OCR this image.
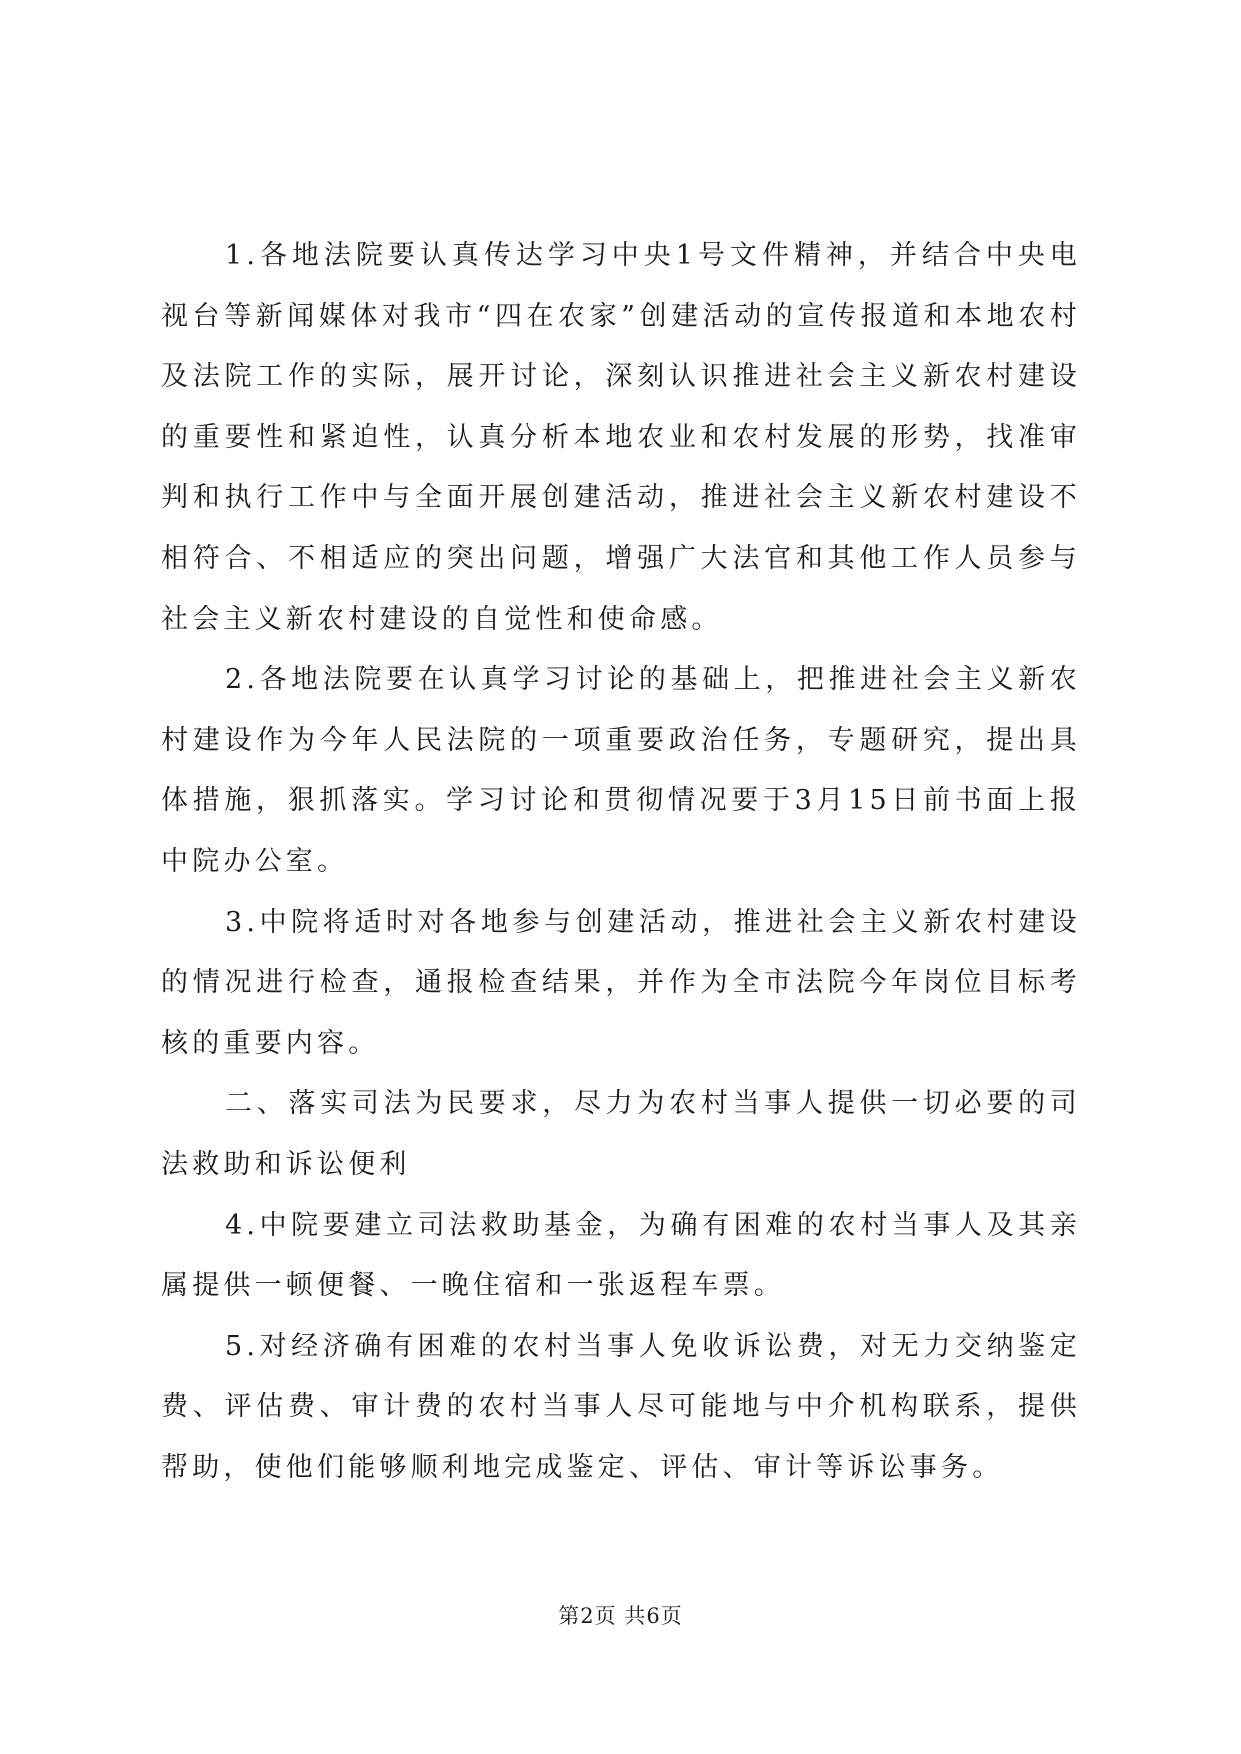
1.各地法院要认真传达学习中央1号文件精神，并结合中央电视台等新闻媒体对我市“四在农家”创建活动的宣传报道和本地农村及法院工作的实际，展开讨论，深刻认识推进社会主义新农村建设的重要性和紧迫性，认真分析本地农业和农村发展的形势，找准审判和执行工作中与全面开展创建活动，推进社会主义新农村建设不相符合、不相适应的突出问题，增强广大法官和其他工作人员参与社会主义新农村建设的自觉性和使命感。

2.各地法院要在认真学习讨论的基础上，把推进社会主义新农村建设作为今年人民法院的一项重要政治任务，专题研究，提出具体措施，狠抓落实。学习讨论和贯彻情况要于3月15日前书面上报中院办公室。

3.中院将适时对各地参与创建活动，推进社会主义新农村建设的情况进行检查，通报检查结果，并作为全市法院今年岗位目标考核的重要内容。

二、落实司法为民要求，尽力为农村当事人提供一切必要的司法救助和诉讼便利

4.中院要建立司法救助基金，为确有困难的农村当事人及其亲属提供一顿便餐、一晚住宿和一张返程车票。

5.对经济确有困难的农村当事人免收诉讼费，对无力交纳鉴定费、评估费、审计费的农村当事人尽可能地与中介机构联系，提供帮助，使他们能够顺利地完成鉴定、评估、审计等诉讼事务。

第2页 共6页
